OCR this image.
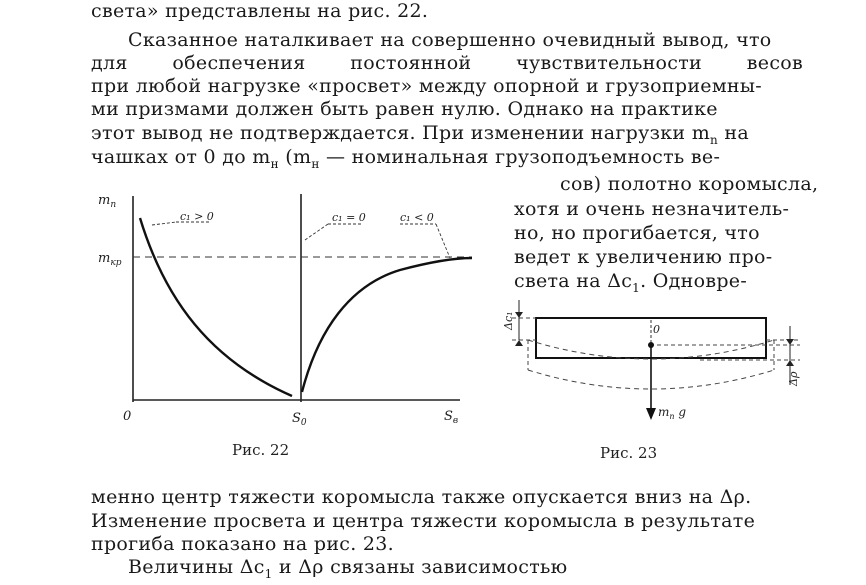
света» представлены на рис. 22.
Сказанное наталкивает на совершенно очевидный вывод, что
для обеспечения постоянной чувствительности весов
при любой нагрузке «просвет» между опорной и грузоприемны-
ми призмами должен быть равен нулю. Однако на практике
этот вывод не подтверждается. При изменении нагрузки $m_n$ на
чашках от 0 до $m_н$ ($m_н$ — номинальная грузоподъемность ве-
сов) полотно коромысла,
хотя и очень незначитель-
но, но прогибается, что
ведет к увеличению про-
света на $\Delta c_1$. Одновре-
менно центр тяжести коромысла также опускается вниз на Δρ.
Изменение просвета и центра тяжести коромысла в результате
прогиба показано на рис. 23.
Величины $\Delta c_1$ и Δρ связаны зависимостью
$m_n$
$m_{кр}$
0	$S_0$	$S_в$
c₁ > 0	c₁ = 0	c₁ < 0
Рис. 22
0
Δc₁
Δρ
$m_n$ g
Рис. 23
